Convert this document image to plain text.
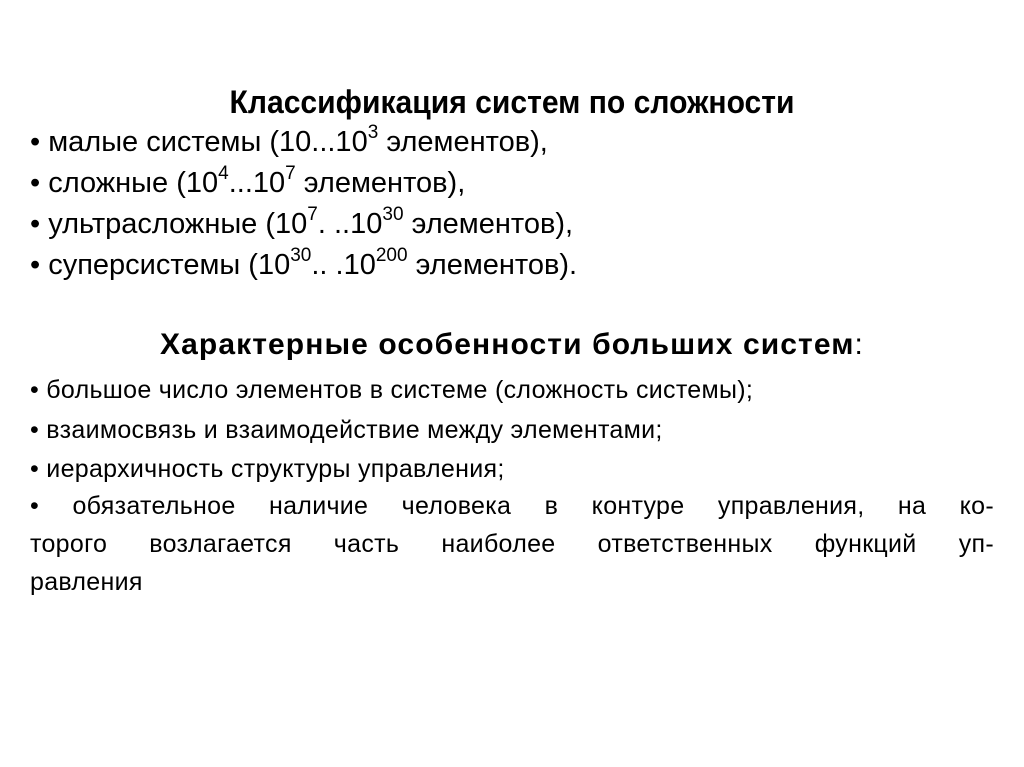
Классификация систем по сложности
• малые системы (10...10$^3$ элементов),
• сложные ($10^4...10^7$ элементов),
• ультрасложные ($10^7$. ..10$^{30}$ элементов),
• суперсистемы ($10^{30}$.. $.10^{200}$ элементов).
Характерные особенности больших систем:
• большое число элементов в системе (сложность системы);
• взаимосвязь и взаимодействие между элементами;
• иерархичность структуры управления;
• обязательное наличие человека в контуре управления, на ко-
торого возлагается часть наиболее ответственных функций уп-
равления
